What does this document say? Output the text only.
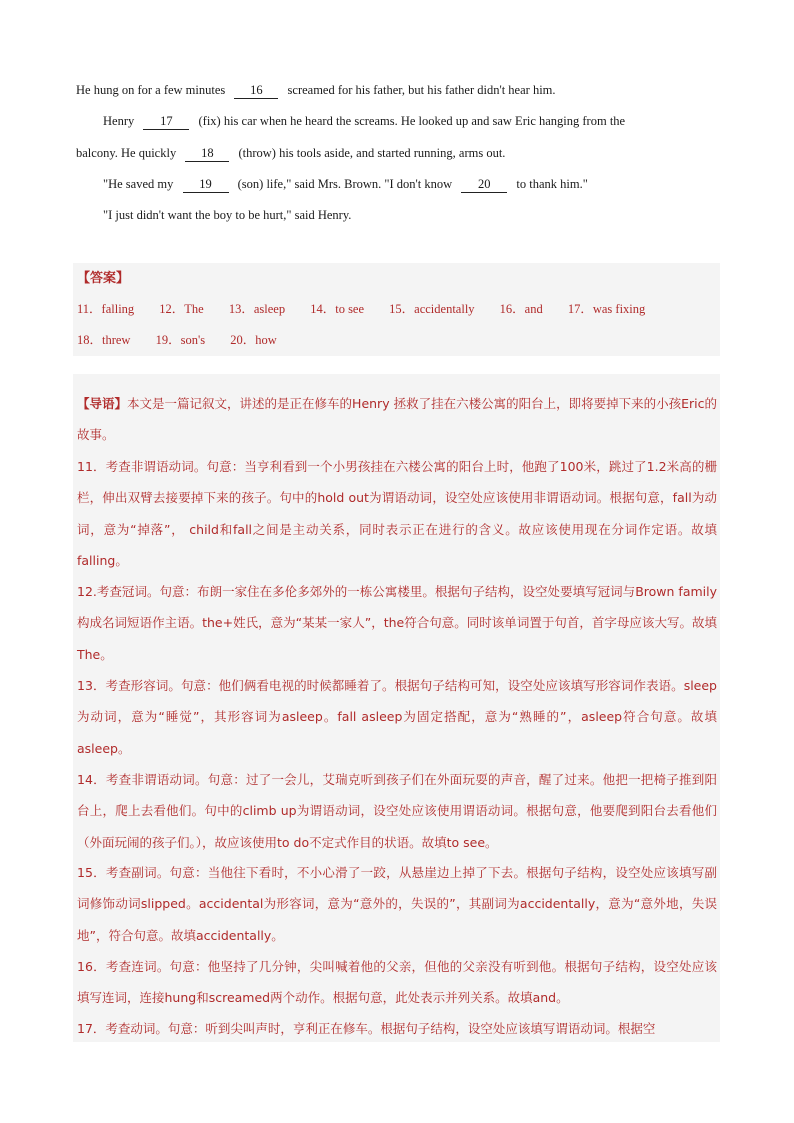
He hung on for a few minutes 16 screamed for his father, but his father didn't hear him.
Henry 17 (fix) his car when he heard the screams. He looked up and saw Eric hanging from the
balcony. He quickly 18 (throw) his tools aside, and started running, arms out.
"He saved my 19 (son) life," said Mrs. Brown. "I don't know 20 to thank him."
"I just didn't want the boy to be hurt," said Henry.
【答案】
11．falling 12．The 13．asleep 14．to see 15．accidentally 16．and 17．was fixing
18．threw 19．son's 20．how
【导语】本文是一篇记叙文，讲述的是正在修车的Henry 拯救了挂在六楼公寓的阳台上，即将要掉下来的小孩Eric的故事。
11．考查非谓语动词。句意：当亨利看到一个小男孩挂在六楼公寓的阳台上时，他跑了100米，跳过了1.2米高的栅栏，伸出双臂去接要掉下来的孩子。句中的hold out为谓语动词，设空处应该使用非谓语动词。根据句意，fall为动词，意为“掉落”， child和fall之间是主动关系，同时表示正在进行的含义。故应该使用现在分词作定语。故填falling。
12.考查冠词。句意：布朗一家住在多伦多郊外的一栋公寓楼里。根据句子结构，设空处要填写冠词与Brown family 构成名词短语作主语。the+姓氏，意为“某某一家人”，the符合句意。同时该单词置于句首，首字母应该大写。故填The。
13．考查形容词。句意：他们俩看电视的时候都睡着了。根据句子结构可知，设空处应该填写形容词作表语。sleep为动词，意为“睡觉”，其形容词为asleep。fall asleep为固定搭配，意为“熟睡的”，asleep符合句意。故填asleep。
14．考查非谓语动词。句意：过了一会儿，艾瑞克听到孩子们在外面玩耍的声音，醒了过来。他把一把椅子推到阳台上，爬上去看他们。句中的climb up为谓语动词，设空处应该使用谓语动词。根据句意，他要爬到阳台去看他们（外面玩闹的孩子们。），故应该使用to do不定式作目的状语。故填to see。
15．考查副词。句意：当他往下看时，不小心滑了一跤，从悬崖边上掉了下去。根据句子结构，设空处应该填写副词修饰动词slipped。accidental为形容词，意为“意外的，失误的”，其副词为accidentally，意为“意外地，失误地”，符合句意。故填accidentally。
16．考查连词。句意：他坚持了几分钟，尖叫喊着他的父亲，但他的父亲没有听到他。根据句子结构，设空处应该填写连词，连接hung和screamed两个动作。根据句意，此处表示并列关系。故填and。
17．考查动词。句意：听到尖叫声时，亨利正在修车。根据句子结构，设空处应该填写谓语动词。根据空
